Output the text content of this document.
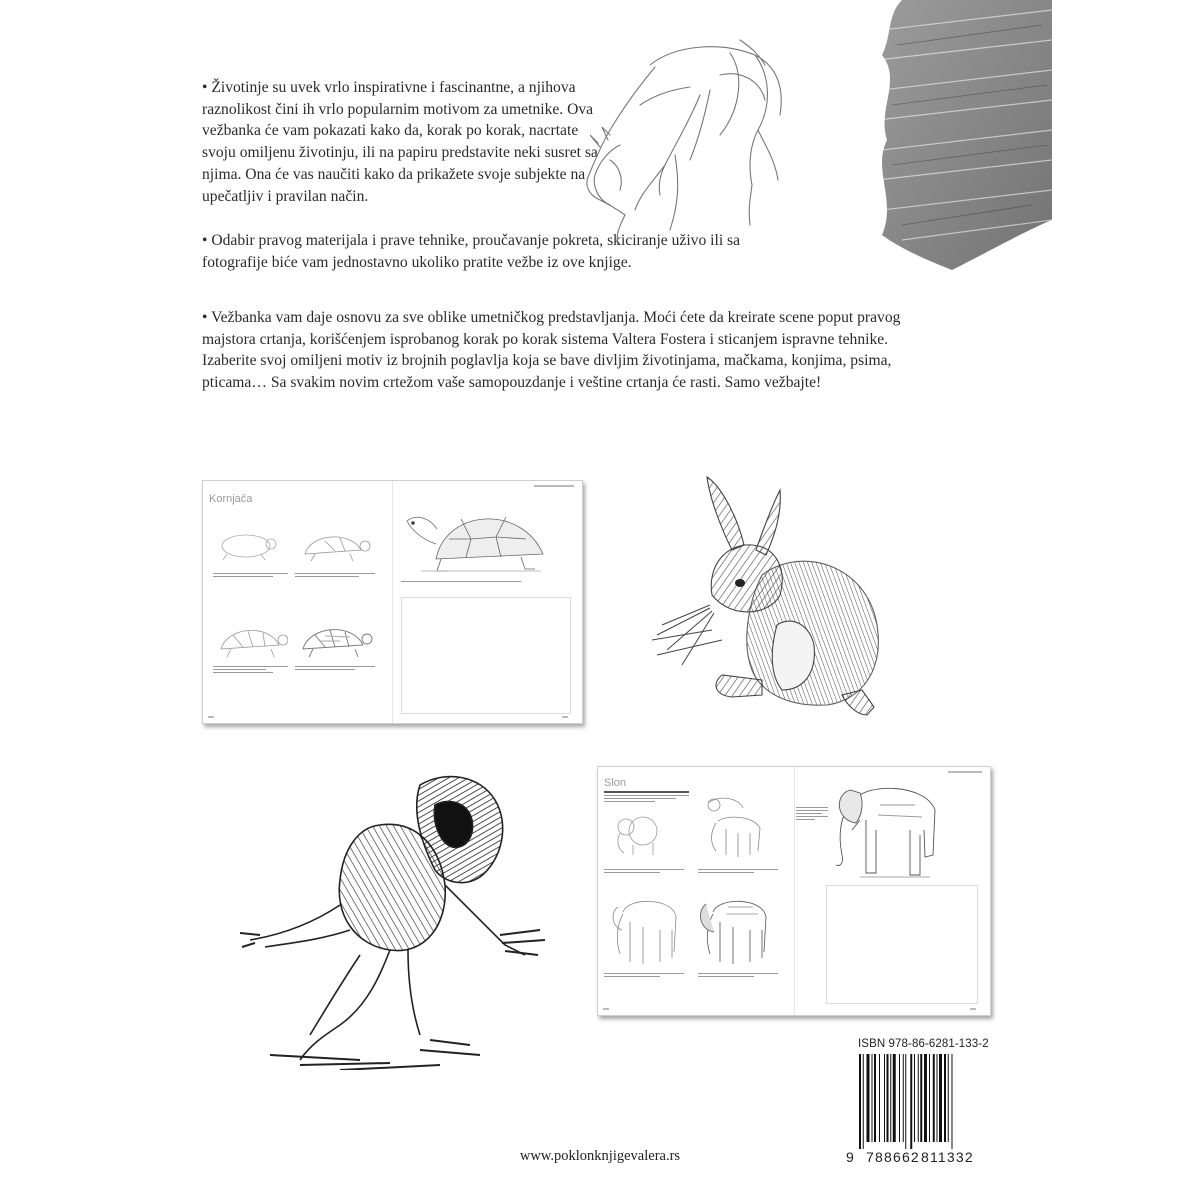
• Životinje su uvek vrlo inspirativne i fascinantne, a njihova raznolikost čini ih vrlo popularnim motivom za umetnike. Ova vežbanka će vam pokazati kako da, korak po korak, nacrtate svoju omiljenu životinju, ili na papiru predstavite neki susret sa njima. Ona će vas naučiti kako da prikažete svoje subjekte na upečatljiv i pravilan način.
• Odabir pravog materijala i prave tehnike, proučavanje pokreta, skiciranje uživo ili sa fotografije biće vam jednostavno ukoliko pratite vežbe iz ove knjige.
• Vežbanka vam daje osnovu za sve oblike umetničkog predstavljanja. Moći ćete da kreirate scene poput pravog majstora crtanja, korišćenjem isprobanog korak po korak sistema Valtera Fostera i sticanjem ispravne tehnike. Izaberite svoj omiljeni motiv iz brojnih poglavlja koja se bave divljim životinjama, mačkama, konjima, psima, pticama… Sa svakim novim crtežom vaše samopouzdanje i veštine crtanja će rasti. Samo vežbajte!
Kornjača
Slon
ISBN 978-86-6281-133-2
9 788662 811332
www.poklonknjigevalera.rs
